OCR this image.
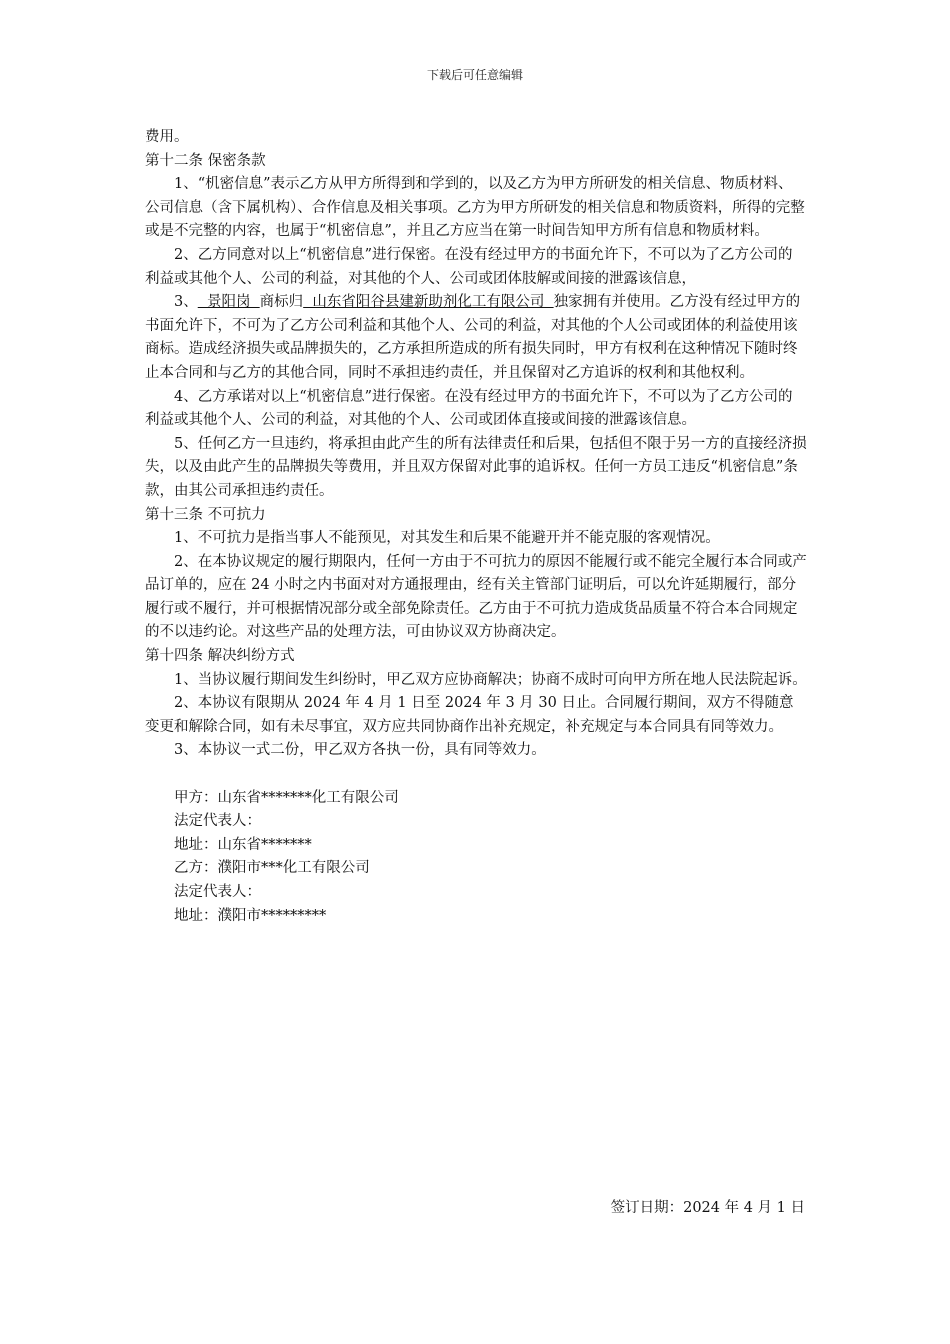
下载后可任意编辑

费用。

第十二条 保密条款

1、“机密信息”表示乙方从甲方所得到和学到的，以及乙方为甲方所研发的相关信息、物质材料、公司信息（含下属机构）、合作信息及相关事项。乙方为甲方所研发的相关信息和物质资料，所得的完整或是不完整的内容，也属于“机密信息”，并且乙方应当在第一时间告知甲方所有信息和物质材料。

2、乙方同意对以上“机密信息”进行保密。在没有经过甲方的书面允许下，不可以为了乙方公司的利益或其他个人、公司的利益，对其他的个人、公司或团体肢解或间接的泄露该信息，

3、  景阳岗  商标归  山东省阳谷县建新助剂化工有限公司  独家拥有并使用。乙方没有经过甲方的书面允许下，不可为了乙方公司利益和其他个人、公司的利益，对其他的个人公司或团体的利益使用该商标。造成经济损失或品牌损失的，乙方承担所造成的所有损失同时，甲方有权利在这种情况下随时终止本合同和与乙方的其他合同，同时不承担违约责任，并且保留对乙方追诉的权利和其他权利。

4、乙方承诺对以上“机密信息”进行保密。在没有经过甲方的书面允许下，不可以为了乙方公司的利益或其他个人、公司的利益，对其他的个人、公司或团体直接或间接的泄露该信息。

5、任何乙方一旦违约，将承担由此产生的所有法律责任和后果，包括但不限于另一方的直接经济损失，以及由此产生的品牌损失等费用，并且双方保留对此事的追诉权。任何一方员工违反“机密信息”条款，由其公司承担违约责任。

第十三条 不可抗力

1、不可抗力是指当事人不能预见，对其发生和后果不能避开并不能克服的客观情况。

2、在本协议规定的履行期限内，任何一方由于不可抗力的原因不能履行或不能完全履行本合同或产品订单的，应在 24 小时之内书面对对方通报理由，经有关主管部门证明后，可以允许延期履行，部分履行或不履行，并可根据情况部分或全部免除责任。乙方由于不可抗力造成货品质量不符合本合同规定的不以违约论。对这些产品的处理方法，可由协议双方协商决定。

第十四条 解决纠纷方式

1、当协议履行期间发生纠纷时，甲乙双方应协商解决；协商不成时可向甲方所在地人民法院起诉。

2、本协议有限期从 2024 年 4 月 1 日至 2024 年 3 月 30 日止。合同履行期间，双方不得随意变更和解除合同，如有未尽事宜，双方应共同协商作出补充规定，补充规定与本合同具有同等效力。

3、本协议一式二份，甲乙双方各执一份，具有同等效力。

甲方：山东省*******化工有限公司

法定代表人：

地址：山东省*******

乙方：濮阳市***化工有限公司

法定代表人：

地址：濮阳市*********

签订日期：2024 年 4 月 1 日
